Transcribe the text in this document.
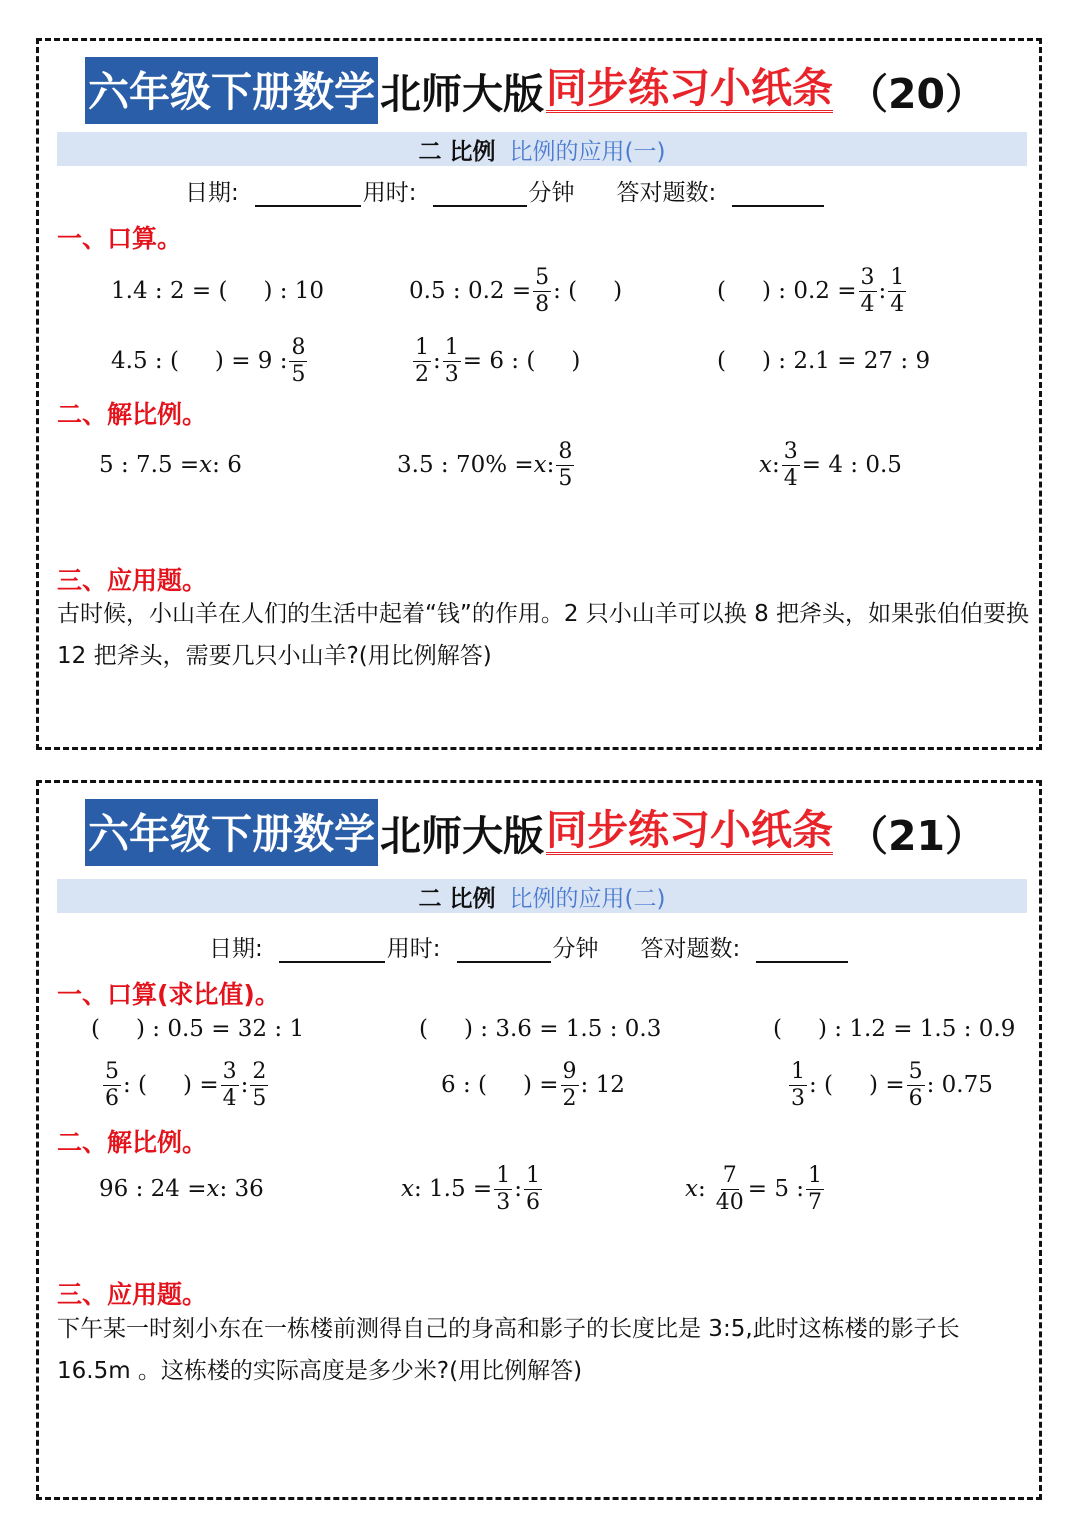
六年级下册数学 北师大版 同步练习小纸条 （20）
二 比例 比例的应用(一)
日期:	用时:	分钟 答对题数:
一、口算。
1.4 : 2 = ( ) : 10	0.5 : $0.2 = \frac{5}{8}$ : ( )	( ) : $0.2 = \frac{3}{4}$ : $\frac{1}{4}$
4.5 : ( ) = 9 : $\frac{8}{5}$	$\frac{1}{2}$ : $\frac{1}{3} = 6$ : ( )	( ) : 2.1 = 27 : 9
二、解比例。
5 : 7.5 = x : 6	3.5 : 70% = x : $\frac{8}{5}$	x : $\frac{3}{4} = 4$ : 0.5
三、应用题。
古时候，小山羊在人们的生活中起着“钱”的作用。2 只小山羊可以换 8 把斧头，如果张伯伯要换 12 把斧头，需要几只小山羊?(用比例解答)
六年级下册数学 北师大版 同步练习小纸条 （21）
二 比例 比例的应用(二)
日期:	用时:	分钟 答对题数:
一、口算(求比值)。
( ) : 0.5 = 32 : 1	( ) : 3.6 = 1.5 : 0.3	( ) : 1.2 = 1.5 : 0.9
$\frac{5}{6}$ : ( ) = $\frac{3}{4}$ : $\frac{2}{5}$	6 : ( ) = $\frac{9}{2}$ : 12	$\frac{1}{3}$ : ( ) = $\frac{5}{6}$ : 0.75
二、解比例。
96 : 24 = x : 36	x : $1.5 = \frac{1}{3}$ : $\frac{1}{6}$	x : $\frac{7}{40} = 5$ : $\frac{1}{7}$
三、应用题。
下午某一时刻小东在一栋楼前测得自己的身高和影子的长度比是 3:5,此时这栋楼的影子长 16.5m 。这栋楼的实际高度是多少米?(用比例解答)
